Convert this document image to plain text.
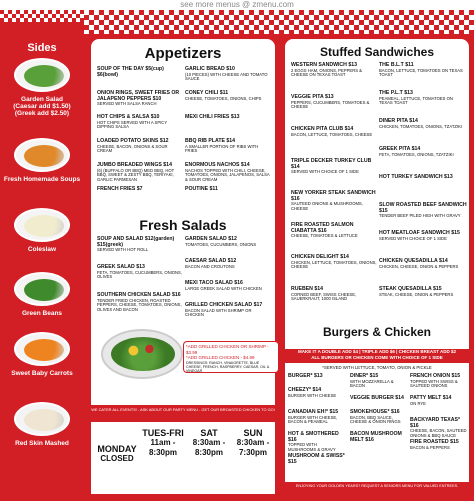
see more menus @ zmenu.com
Sides
Garden Salad
(Caesar add $1.50)
(Greek add $2.50)
Fresh Homemade Soups
Coleslaw
Green Beans
Sweet Baby Carrots
Red Skin Mashed
Appetizers
SOUP OF THE DAY $5(cup) $6(bowl)
ONION RINGS, SWEET FRIES OR JALAPENO PEPPERS $10
SERVED WITH SALSA RANCH
HOT CHIPS & SALSA $10
HOT CHIPS SERVED WITH A SPICY DIPPING SALSA
LOADED POTATO SKINS $12
CHEESE, BACON, ONIONS & SOUR CREAM
JUMBO BREADED WINGS $14
(6) (BUFFALO OR BBQ) MED BBQ, HOT BBQ, SWEET & ZESTY BBQ, TERIYAKI, GARLIC PARMESAN
FRENCH FRIES $7
GARLIC BREAD $10
(10 PIECES) WITH CHEESE AND TOMATO SAUCE
CONEY CHILI $11
CHEESE, TOMATOES, ONIONS, CHIPS
MEXI CHILI FRIES $13
BBQ RIB PLATE $14
A SMALLER PORTION OF RIBS WITH FRIES
ENORMOUS NACHOS $14
NACHOS TOPPED WITH CHILI, CHEESE, TOMATOES, ONIONS, JALAPENOS, SALSA & SOUR CREAM
POUTINE $11
Fresh Salads
SOUP AND SALAD $12(garden) $15(greek)
SERVED WITH HOT ROLL
GREEK SALAD $13
FETA, TOMATOES, CUCUMBERS, ONIONS, OLIVES
SOUTHERN CHICKEN SALAD $16
TENDER FRIED CHICKEN, ROASTED PEPPERS, CHEESE, TOMATOES, ONIONS, OLIVES AND BACON
GARDEN SALAD $12
TOMATOES, CUCUMBERS, ONIONS
CAESAR SALAD $12
BACON AND CROUTONS
MEXI TACO SALAD $16
LARGE GREEK SALAD WITH CHICKEN
GRILLED CHICKEN SALAD $17
BACON SALAD WITH SHRIMP OR CHICKEN
*ADD GRILLED CHICKEN OR SHRIMP - $3.99
*ADD GRILLED CHICKEN - $4.99
DRESSINGS: RANCH, VINAIGRETTE, BLUE CHEESE, FRENCH, RASPBERRY, CAESAR, OIL & VINEGAR
WE CATER ALL EVENTS! - ASK ABOUT OUR PARTY MENU - GET OUR BROASTED CHICKEN TO GO!
MONDAY
CLOSED
TUES-FRI
11am - 8:30pm
SAT
8:30am - 8:30pm
SUN
8:30am - 7:30pm
Stuffed Sandwiches
WESTERN SANDWICH $13
2 EGGS HAM, ONIONS, PEPPERS & CHEESE ON TEXAS TOAST
VEGGIE PITA $13
PEPPERS, CUCUMBERS, TOMATOES & CHEESE
CHICKEN PITA CLUB $14
BACON, LETTUCE, TOMATOES, CHEESE
TRIPLE DECKER TURKEY CLUB $14
SERVED WITH CHOICE OF 1 SIDE
NEW YORKER STEAK SANDWICH $16
SAUTEED ONIONS & MUSHROOMS, CHEESE
FIRE ROASTED SALMON CIABATTA $16
CHEESE, TOMATOES & LETTUCE
CHICKEN DELIGHT $14
CHICKEN, LETTUCE, TOMATOES, ONIONS, CHEESE
RUEBEN $14
CORNED BEEF, SWISS CHEESE, SAUERKRAUT, 1000 ISLAND
THE B.L.T $11
BACON, LETTUCE, TOMATOES ON TEXAS TOAST
THE P.L.T $13
PEAMEAL, LETTUCE, TOMATOES ON TEXAS TOAST
DINER PITA $14
CHICKEN, TOMATOES, ONIONS, TZATZIKI
GREEK PITA $14
FETA, TOMATOES, ONIONS, TZATZIKI
HOT TURKEY SANDWICH $13
SLOW ROASTED BEEF SANDWICH $15
TENDER BEEF PILED HIGH WITH GRAVY
HOT MEATLOAF SANDWICH $15
SERVED WITH CHOICE OF 1 SIDE
CHICKEN QUESADILLA $14
CHICKEN, CHEESE, ONION & PEPPERS
STEAK QUESADILLA $15
STEAK, CHEESE, ONION & PEPPERS
Burgers & Chicken
MAKE IT A DOUBLE ADD $4 | TRIPLE ADD $6 | CHICKEN BREAST ADD $2
ALL BURGERS OR CHICKEN COME WITH CHOICE OF 1 SIDE
*SERVED WITH LETTUCE, TOMATO, ONION & PICKLE
BURGER* $13
CHEEZY* $14
BURGER WITH CHEESE
CANADIAN EH!* $15
BURGER WITH CHEESE, BACON & PEAMEAL
HOT & SMOTHERED $16
TOPPED WITH MUSHROOMS & GRAVY
MUSHROOM & SWISS* $15
DINER* $15
WITH MOZZARELLA & BACON
VEGGIE BURGER $14
SMOKEHOUSE* $16
BACON, BBQ SAUCE, CHEESE & ONION RINGS
BACON MUSHROOM MELT $16
FRENCH ONION $15
TOPPED WITH SWISS & SAUTEED ONIONS
PATTY MELT $14
ON RYE
BACKYARD TEXAS* $16
CHEESE, BACON, SAUTEED ONIONS & BBQ SAUCE
FIRE ROASTED $15
BACON & PEPPERS
ENJOYING YOUR GOLDEN YEARS? REQUEST A SENIORS MENU FOR VALUED ENTREES.
